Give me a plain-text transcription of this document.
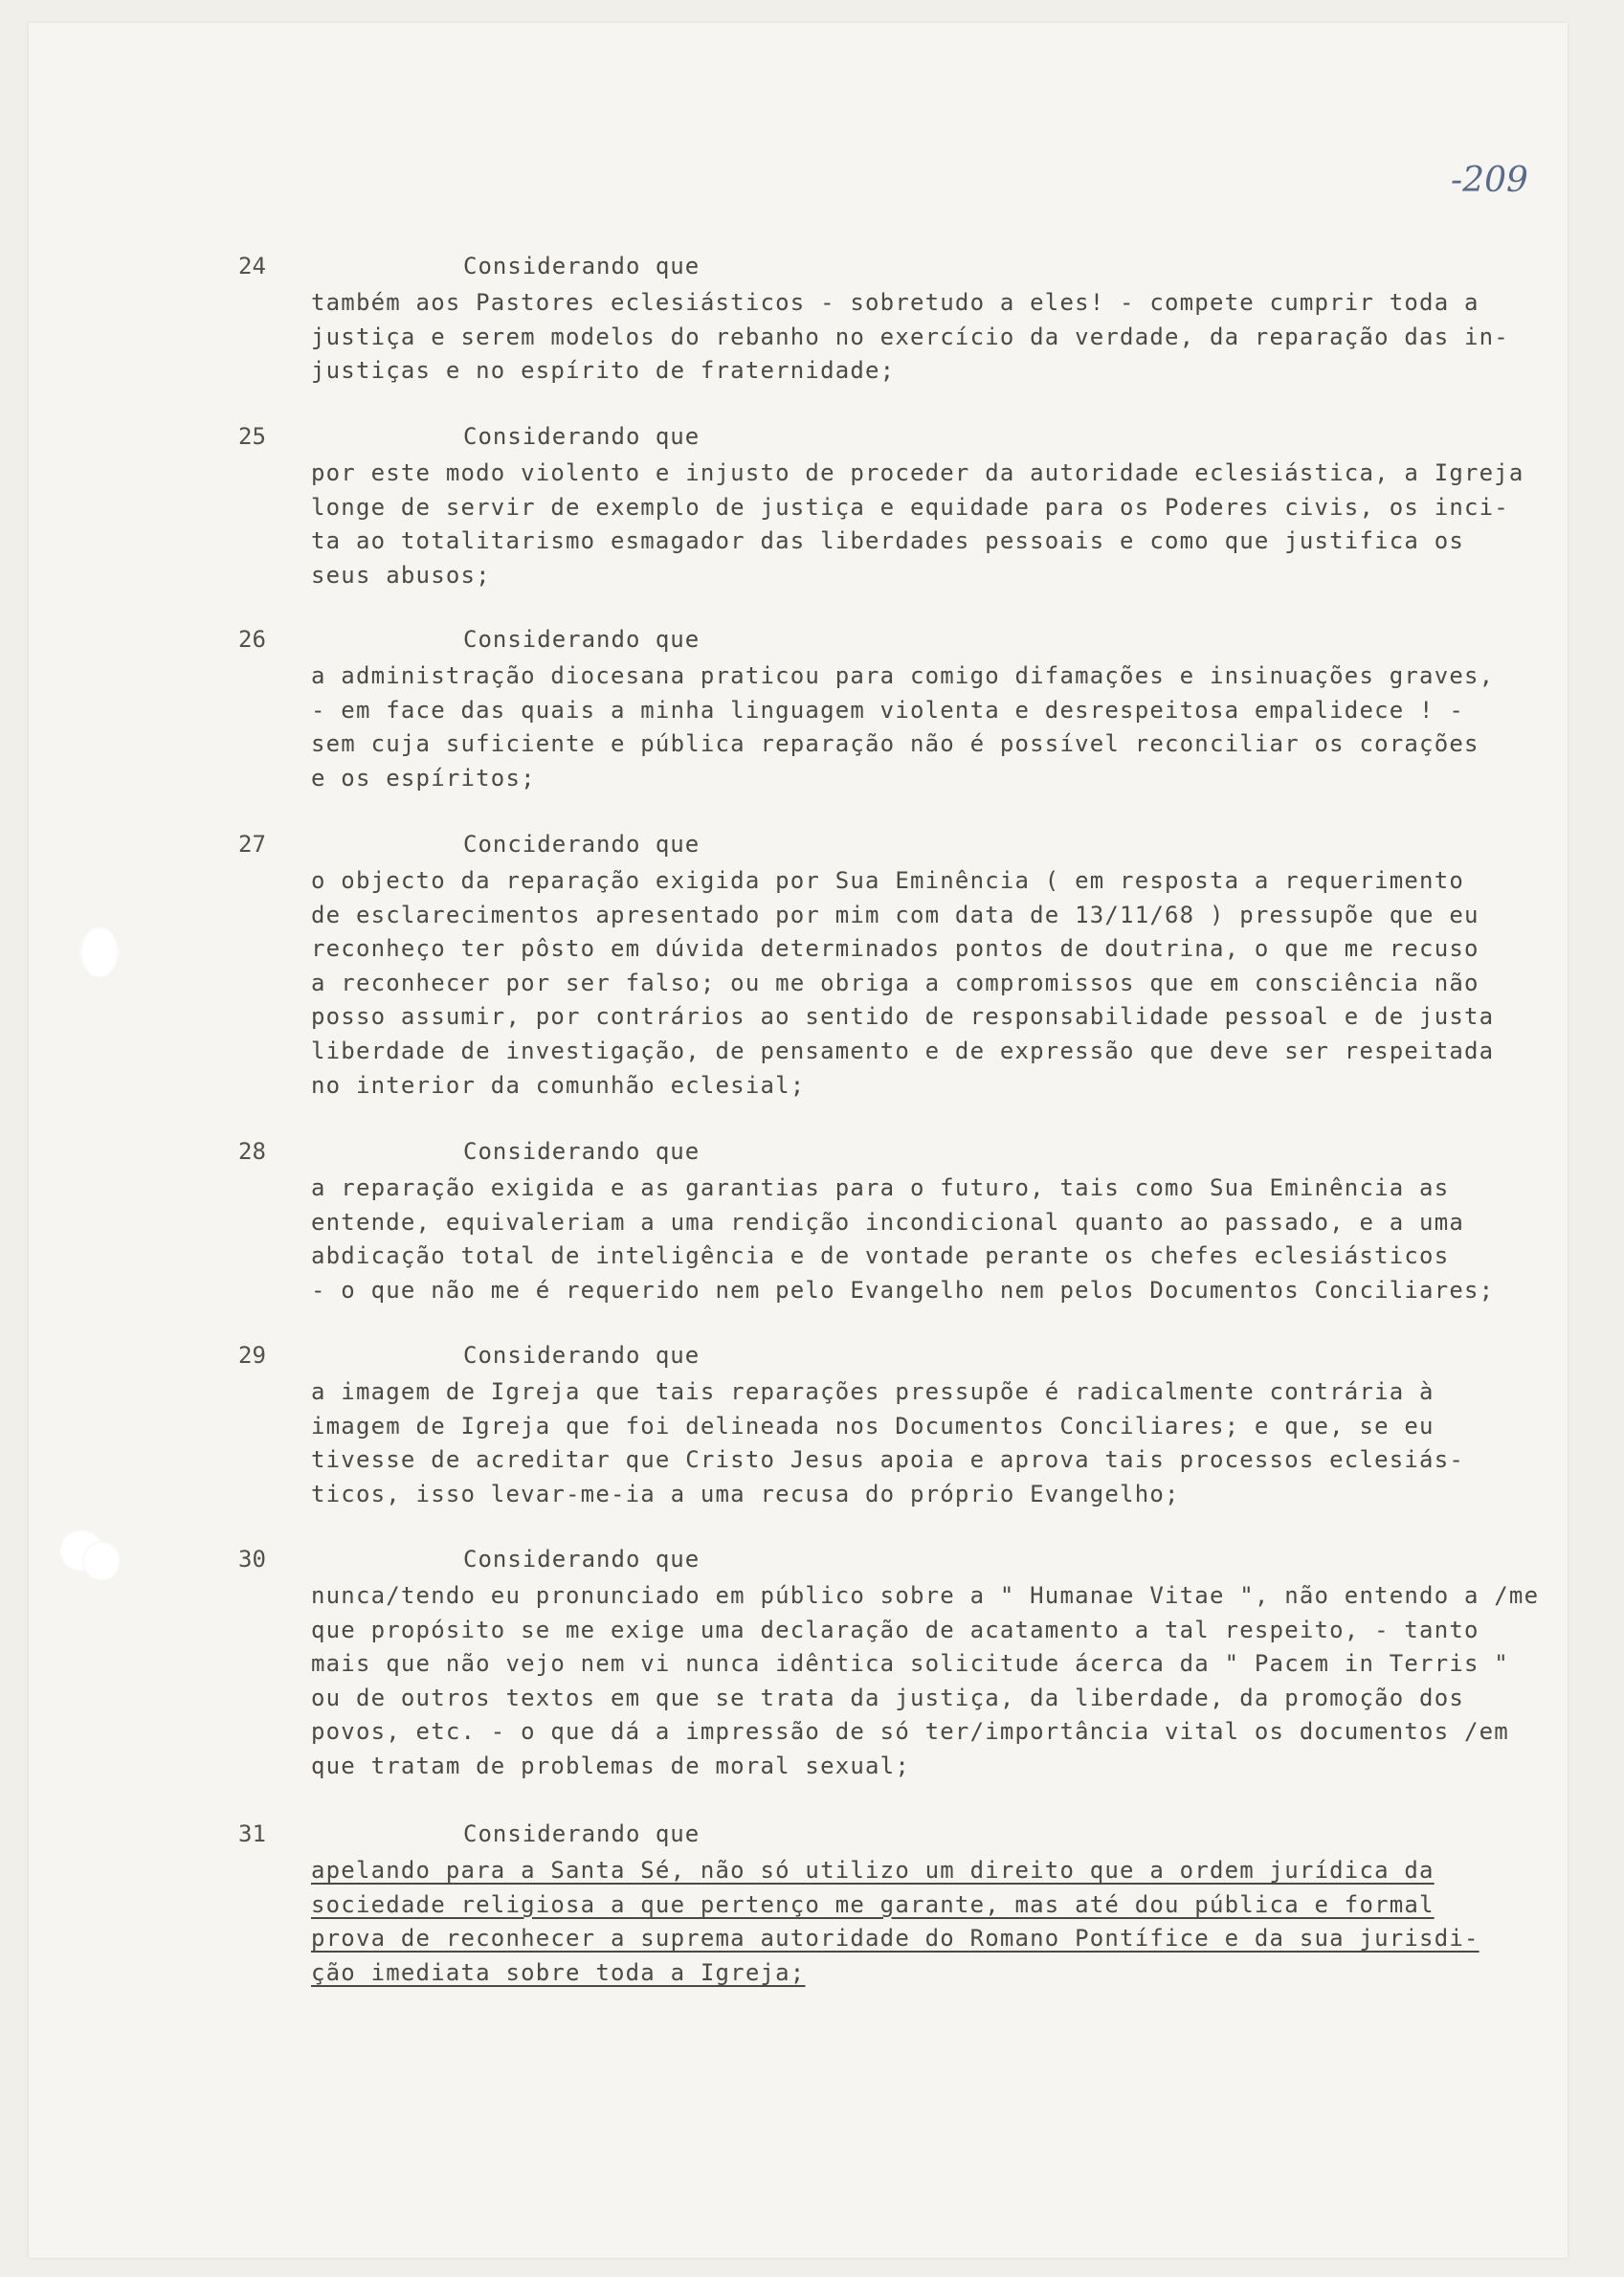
-209
24	Considerando que
também aos Pastores eclesiásticos - sobretudo a eles! - compete cumprir toda a
justiça e serem modelos do rebanho no exercício da verdade, da reparação das in-
justiças e no espírito de fraternidade;
25	Considerando que
por este modo violento e injusto de proceder da autoridade eclesiástica, a Igreja
longe de servir de exemplo de justiça e equidade para os Poderes civis, os inci-
ta ao totalitarismo esmagador das liberdades pessoais e como que justifica os
seus abusos;
26	Considerando que
a administração diocesana praticou para comigo difamações e insinuações graves,
- em face das quais a minha linguagem violenta e desrespeitosa empalidece ! -
sem cuja suficiente e pública reparação não é possível reconciliar os corações
e os espíritos;
27	Conciderando que
o objecto da reparação exigida por Sua Eminência ( em resposta a requerimento
de esclarecimentos apresentado por mim com data de 13/11/68 ) pressupõe que eu
reconheço ter pôsto em dúvida determinados pontos de doutrina, o que me recuso
a reconhecer por ser falso; ou me obriga a compromissos que em consciência não
posso assumir, por contrários ao sentido de responsabilidade pessoal e de justa
liberdade de investigação, de pensamento e de expressão que deve ser respeitada
no interior da comunhão eclesial;
28	Considerando que
a reparação exigida e as garantias para o futuro, tais como Sua Eminência as
entende, equivaleriam a uma rendição incondicional quanto ao passado, e a uma
abdicação total de inteligência e de vontade perante os chefes eclesiásticos
- o que não me é requerido nem pelo Evangelho nem pelos Documentos Conciliares;
29	Considerando que
a imagem de Igreja que tais reparações pressupõe é radicalmente contrária à
imagem de Igreja que foi delineada nos Documentos Conciliares; e que, se eu
tivesse de acreditar que Cristo Jesus apoia e aprova tais processos eclesiás-
ticos, isso levar-me-ia a uma recusa do próprio Evangelho;
30	Considerando que
nunca/tendo eu pronunciado em público sobre a " Humanae Vitae ", não entendo a /me
que propósito se me exige uma declaração de acatamento a tal respeito, - tanto
mais que não vejo nem vi nunca idêntica solicitude ácerca da " Pacem in Terris "
ou de outros textos em que se trata da justiça, da liberdade, da promoção dos
povos, etc. - o que dá a impressão de só ter/importância vital os documentos /em
que tratam de problemas de moral sexual;
31	Considerando que
apelando para a Santa Sé, não só utilizo um direito que a ordem jurídica da
sociedade religiosa a que pertenço me garante, mas até dou pública e formal
prova de reconhecer a suprema autoridade do Romano Pontífice e da sua jurisdi-
ção imediata sobre toda a Igreja;
